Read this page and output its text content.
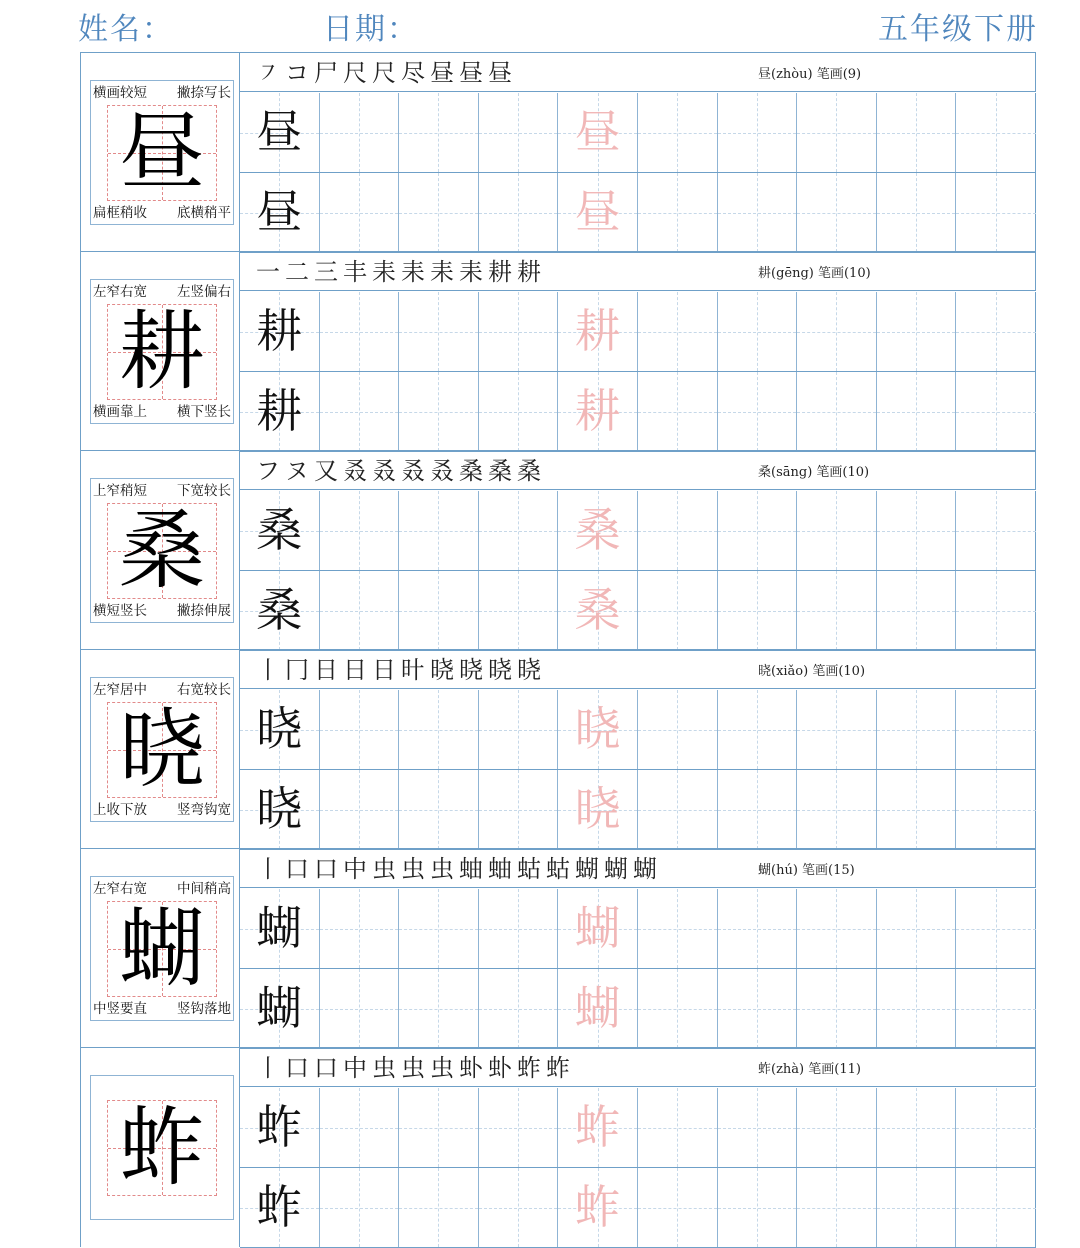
姓名：	日期：	五年级下册
昼
横画较短 撇捺写长
扁框稍收 底横稍平
㇇ コ 尸 尺 尺 尽 昼 昼 昼	昼(zhòu) 笔画(9)
昼	昼
昼	昼
耕
左窄右宽 左竖偏右
横画靠上 横下竖长
一 二 三 丰 耒 耒 耒 耒 耕 耕	耕(gēng) 笔画(10)
耕	耕
耕	耕
桑
上窄稍短 下宽较长
横短竖长 撇捺伸展
フ ヌ 又 叒 叒 叒 叒 桑 桑 桑	桑(sāng) 笔画(10)
桑	桑
桑	桑
晓
左窄居中 右宽较长
上收下放 竖弯钩宽
丨 冂 日 日 日 旪 晓 晓 晓 晓	晓(xiǎo) 笔画(10)
晓	晓
晓	晓
蝴
左窄右宽 中间稍高
中竖要直 竖钩落地
丨 口 口 中 虫 虫 虫 蚰 蚰 蛄 蛄 蝴 蝴 蝴	蝴(hú) 笔画(15)
蝴	蝴
蝴	蝴
蚱
丨 口 口 中 虫 虫 虫 虲 虲 蚱 蚱	蚱(zhà) 笔画(11)
蚱	蚱
蚱	蚱
